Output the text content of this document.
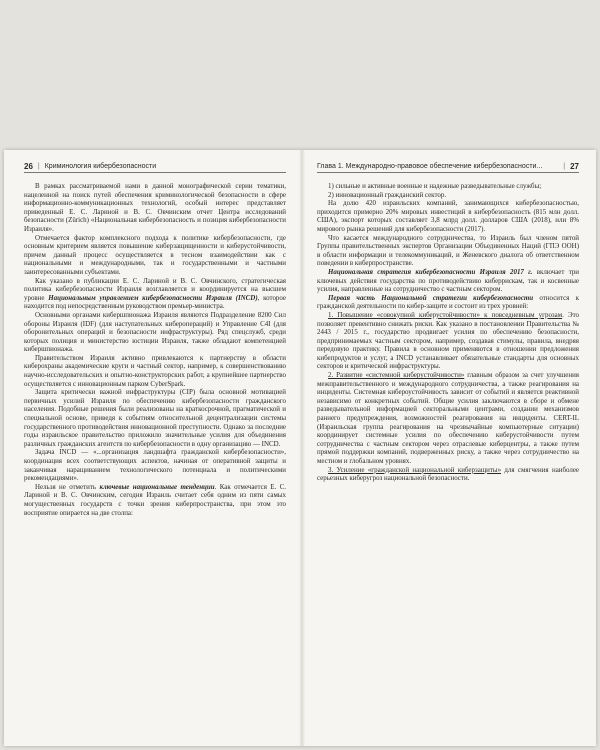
26 | Криминология кибербезопасности

В рамках рассматриваемой нами в данной монографической серии тематики, нацеленной на поиск путей обеспечения криминологической безопасности в сфере информационно-коммуникационных технологий, особый интерес представляет приведенный Е. С. Лариной и В. С. Овчинским отчет Центра исследований безопасности (Zürich) «Национальная кибербезопасность и позиция кибербезопасности Израиля».

Отмечается фактор комплексного подхода к политике кибербезопасности, где основным критерием является повышение киберзащищенности и киберустойчивости, причем данный процесс осуществляется в тесном взаимодействии как с национальными и международными, так и государственными и частными заинтересованными субъектами.

Как указано в публикации Е. С. Лариной и В. С. Овчинского, стратегическая политика кибербезопасности Израиля возглавляется и координируется на высшем уровне Национальным управлением кибербезопасности Израиля (INCD), которое находится под непосредственным руководством премьер-министра.

Основными органами кибершпионажа Израиля являются Подразделение 8200 Сил обороны Израиля (IDF) (для наступательных киберопераций) и Управление C4I (для оборонительных операций и безопасности инфраструктуры). Ряд спецслужб, среди которых полиция и министерство юстиции Израиля, также обладают компетенцией кибершпионажа.

Правительством Израиля активно привлекаются к партнерству в области киберохраны академические круги и частный сектор, например, к совершенствованию научно-исследовательских и опытно-конструкторских работ, а крупнейшее партнерство осуществляется с инновационным парком CyberSpark.

Защита критически важной инфраструктуры (CIP) была основной мотивацией первичных усилий Израиля по обеспечению кибербезопасности гражданского населения. Подобные решения были реализованы на краткосрочной, прагматической и специальной основе, приведя к событиям относительной децентрализации системы государственного противодействия инновационной преступности. Однако за последние годы израильское правительство приложило значительные усилия для объединения различных гражданских агентств по кибербезопасности в одну организацию — INCD.

Задача INCD — «...организация ландшафта гражданской кибербезопасности», координация всех соответствующих аспектов, начиная от оперативной защиты и заканчивая наращиванием технологического потенциала и политическими рекомендациями».

Нельзя не отметить ключевые национальные тенденции. Как отмечается Е. С. Лариной и В. С. Овчинским, сегодня Израиль считает себя одним из пяти самых могущественных государств с точки зрения киберпространства, при этом это восприятие опирается на две столпа:

Глава 1. Международно-правовое обеспечение кибербезопасности...	| 27

1) сильные и активные военные и надежные разведывательные службы;

2) инновационный гражданский сектор.

На долю 420 израильских компаний, занимающихся кибербезопасностью, приходится примерно 20% мировых инвестиций в кибербезопасность (815 млн долл. США), экспорт которых составляет 3,8 млрд долл. долларов США (2018), или 8% мирового рынка решений для кибербезопасности (2017).

Что касается международного сотрудничества, то Израиль был членом пятой Группы правительственных экспертов Организации Объединенных Наций (ГПЭ ООН) в области информации и телекоммуникаций, и Женевского диалога об ответственном поведении в киберпространстве.

Национальная стратегия кибербезопасности Израиля 2017 г. включает три ключевых действия государства по противодействию киберрискам, так и косвенные усилия, направленные на сотрудничество с частным сектором.

Первая часть Национальной стратегии кибербезопасности относится к гражданской деятельности по кибер-защите и состоит из трех уровней:

1. Повышение «совокупной киберустойчивости» к повседневным угрозам. Это позволяет превентивно снижать риски. Как указано в постановлении Правительства № 2443 / 2015 г., государство продвигает усилия по обеспечению безопасности, предпринимаемых частным сектором, например, создавая стимулы, правила, внедряя передовую практику. Правила в основном применяются в отношении предложения кибепродуктов и услуг, а INCD устанавливает обязательные стандарты для основных секторов и критической инфраструктуры.

2. Развитие «системной киберустойчивости» главным образом за счет улучшения межправительственного и международного сотрудничества, а также реагирования на инциденты. Системная кибероустойчивость зависит от событий и является реактивной независимо от конкретных событий. Общие усилия заключаются в сборе и обмене разведывательной информацией секторальными центрами, создании механизмов раннего предупреждения, возможностей реагирования на инциденты. CERT-IL (Израильская группа реагирования на чрезвычайные компьютерные ситуации) координирует системные усилия по обеспечению киберустойчивости путем сотрудничества с частным сектором через отраслевые киберцентры, а также путем прямой поддержки компаний, подверженных риску, а также через сотрудничество на местном и глобальном уровнях.

3. Усиление «гражданской национальной киберзащиты» для смягчения наиболее серьезных киберугроз национальной безопасности.
